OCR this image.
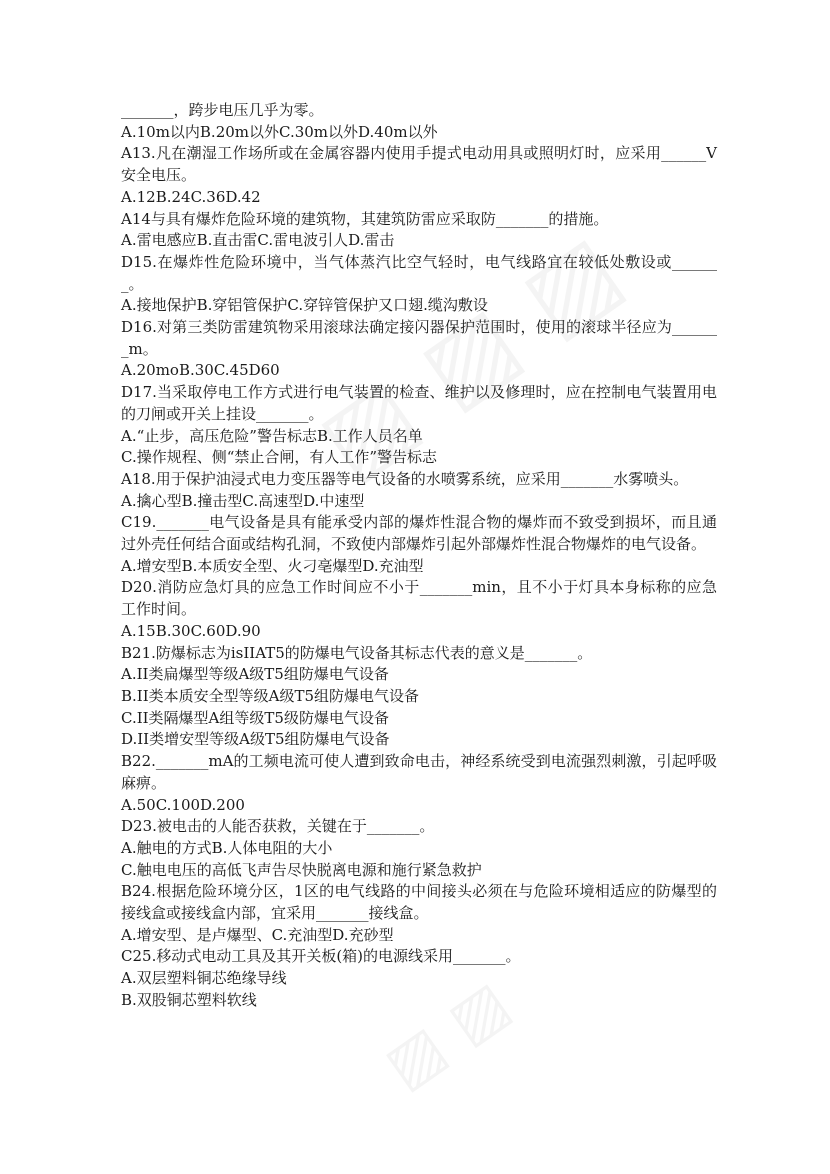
_______，跨步电压几乎为零。
A.10m以内B.20m以外C.30m以外D.40m以外
A13.凡在潮湿工作场所或在金属容器内使用手提式电动用具或照明灯时，应采用______V安全电压。
A.12B.24C.36D.42
A14与具有爆炸危险环境的建筑物，其建筑防雷应采取防_______的措施。
A.雷电感应B.直击雷C.雷电波引人D.雷击
D15.在爆炸性危险环境中，当气体蒸汽比空气轻时，电气线路宜在较低处敷设或_______。
A.接地保护B.穿铝管保护C.穿锌管保护又口翅.缆沟敷设
D16.对第三类防雷建筑物采用滚球法确定接闪器保护范围时，使用的滚球半径应为_______m。
A.20moB.30C.45D60
D17.当采取停电工作方式进行电气装置的检查、维护以及修理时，应在控制电气装置用电的刀闸或开关上挂设_______。
A.“止步，高压危险”警告标志B.工作人员名单
C.操作规程、侧“禁止合闸，有人工作”警告标志
A18.用于保护油浸式电力变压器等电气设备的水喷雾系统，应采用_______水雾喷头。
A.擒心型B.撞击型C.高速型D.中速型
C19._______电气设备是具有能承受内部的爆炸性混合物的爆炸而不致受到损坏，而且通过外壳任何结合面或结构孔洞，不致使内部爆炸引起外部爆炸性混合物爆炸的电气设备。
A.增安型B.本质安全型、火刁亳爆型D.充油型
D20.消防应急灯具的应急工作时间应不小于_______min，且不小于灯具本身标称的应急工作时间。
A.15B.30C.60D.90
B21.防爆标志为isIIAT5的防爆电气设备其标志代表的意义是_______。
A.II类扁爆型等级A级T5组防爆电气设备
B.II类本质安全型等级A级T5组防爆电气设备
C.II类隔爆型A组等级T5级防爆电气设备
D.II类增安型等级A级T5组防爆电气设备
B22._______mA的工频电流可使人遭到致命电击，神经系统受到电流强烈刺激，引起呼吸麻痹。
A.50C.100D.200
D23.被电击的人能否获救，关键在于_______。
A.触电的方式B.人体电阻的大小
C.触电电压的高低飞声告尽快脱离电源和施行紧急救护
B24.根据危险环境分区，1区的电气线路的中间接头必须在与危险环境相适应的防爆型的接线盒或接线盒内部，宜采用_______接线盒。
A.增安型、是卢爆型、C.充油型D.充砂型
C25.移动式电动工具及其开关板(箱)的电源线采用_______。
A.双层塑料铜芯绝缘导线
B.双股铜芯塑料软线
